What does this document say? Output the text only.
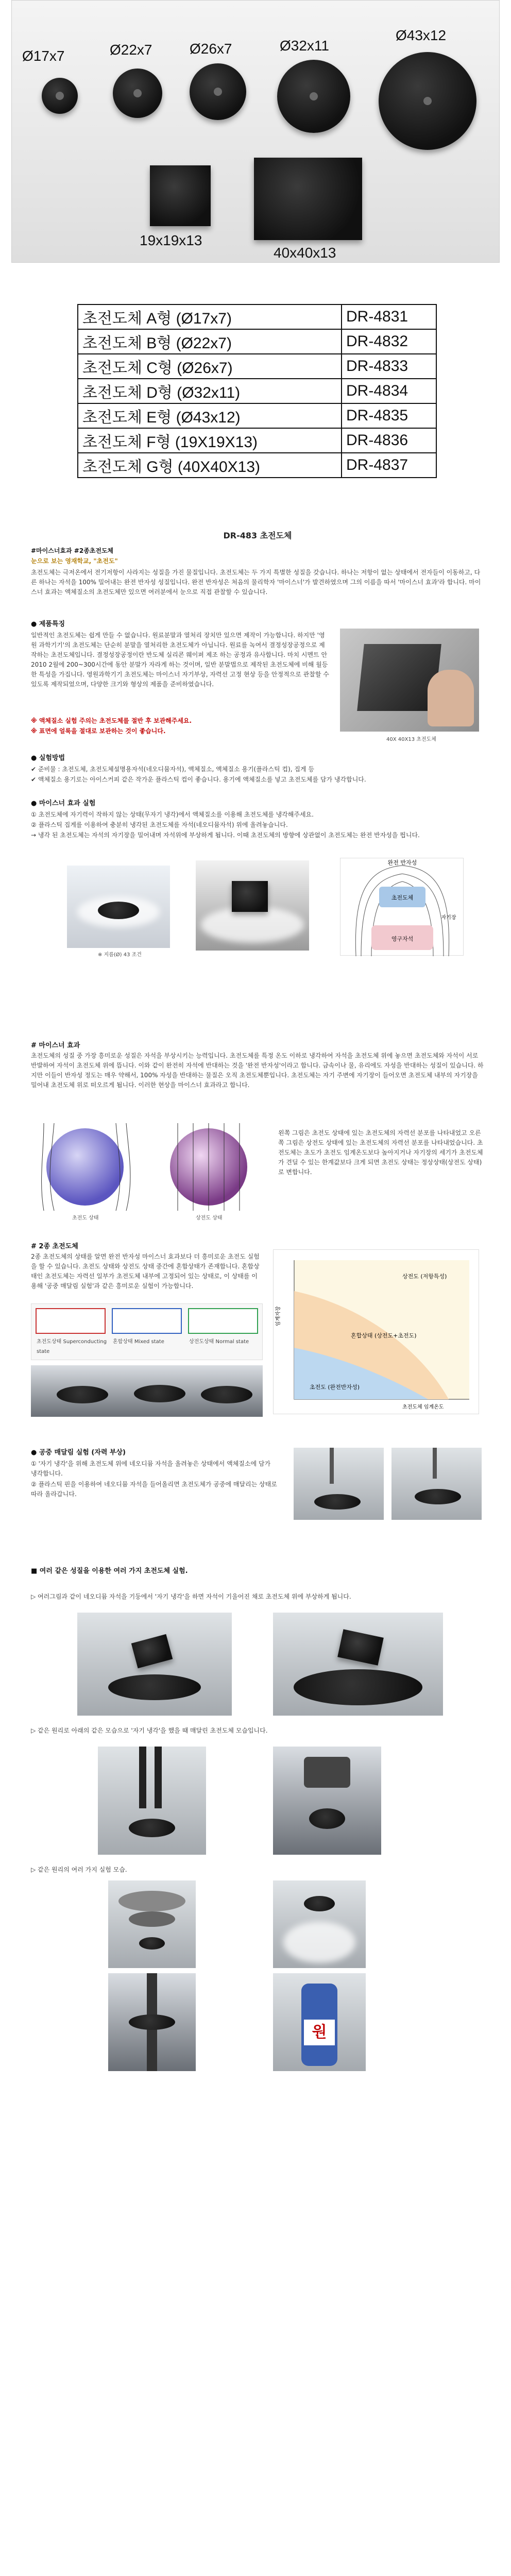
Ø17x7	Ø22x7	Ø26x7	Ø32x11
Ø43x12
19x19x13
40x40x13
초전도체 A형 (Ø17x7)	DR-4831
초전도체 B형 (Ø22x7)	DR-4832
초전도체 C형 (Ø26x7)	DR-4833
초전도체 D형 (Ø32x11)	DR-4834
초전도체 E형 (Ø43x12)	DR-4835
초전도체 F형 (19X19X13)	DR-4836
초전도체 G형 (40X40X13)	DR-4837
DR-483 초전도체
#마이스너효과 #2종초전도체
눈으로 보는 영재학교, "초전도"
초전도체는 극저온에서 전기저항이 사라지는 성질을 가진 물질입니다. 초전도체는 두 가지 특별한 성질을 갖습니다. 하나는 저항이 없는 상태에서 전자들이 이동하고, 다른 하나는 자석을 100% 밀어내는 완전 반자성 성질입니다. 완전 반자성은 처음의 물리학자 '마이스너'가 발견하였으며 그의 이름을 따서 '마이스너 효과'라 합니다. 마이스너 효과는 액체질소의 초전도체만 있으면 여러분에서 눈으로 직접 관찰할 수 있습니다.
● 제품특징
일반적인 초전도체는 쉽게 만들 수 없습니다. 원료분말과 열처리 장치만 있으면 제작이 가능합니다. 하지만 '영원 과학기기'의 초전도체는 단순히 분말을 열처리한 초전도체가 아닙니다. 원료를 녹여서 결정성장공정으로 제작하는 초전도체입니다. 결정성장공정이란 반도체 실리콘 웨이퍼 제조 하는 공정과 유사합니다. 마치 시멘트 안 2010 2월에 200~300시간에 동안 분말가 자라게 하는 것이며, 일반 분말법으로 제작된 초전도체에 비해 월등한 특성을 가집니다. 영원과학기기 초전도체는 마이스너 자기부상, 자력선 고정 현상 등을 안정적으로 관찰할 수 있도록 제작되었으며, 다양한 크기와 형상의 제품을 준비하였습니다.
※ 액체질소 실험 주의는 초전도체를 절반 후 보관해주세요.
※ 표면에 얼룩을 절대로 보관하는 것이 좋습니다.
40X 40X13 초전도체
● 실험방법
✔ 준비물 : 초전도체, 초전도체설명용자석(네오디뮴자석), 액체질소, 액체질소 용기(플라스틱 컵), 집게 등
✔ 액체질소 용기로는 아이스커피 같은 작가운 플라스틱 컵이 좋습니다. 용기에 액체질소를 넣고 초전도체를 담가 냉각합니다.
● 마이스너 효과 실험
① 초전도체에 자기력이 작하지 않는 상태(무자기 냉각)에서 액체질소를 이용해 초전도체를 냉각해주세요.
② 플라스틱 집게를 이용하여 충분히 냉각된 초전도체를 자석(네오디뮴자석) 위에 올려놓습니다.
→ 냉각 된 초전도체는 자석의 자기장을 밀어내며 자석위에 부상하게 됩니다. 이때 초전도체의 방향에 상관없이 초전도체는 완전 반자성을 띕니다.
※ 지름(Ø) 43 조건
완전 반자성
초전도체
자기장
영구자석
# 마이스너 효과
초전도체의 성질 중 가장 흥미로운 성질은 자석을 부상시키는 능력입니다. 초전도체를 특정 온도 이하로 냉각하여 자석을 초전도체 위에 놓으면 초전도체와 자석이 서로 반발하여 자석이 초전도체 위에 뜹니다. 이와 같이 완전히 자석에 반대하는 것을 '완전 반자성'이라고 합니다. 금속이나 물, 유리에도 자성을 반대하는 성질이 있습니다. 하지만 이들이 반자성 정도는 매우 약해서, 100% 자성을 반대하는 물질은 오직 초전도체뿐입니다. 초전도체는 자기 주변에 자기장이 들어오면 초전도체 내부의 자기장을 밀어내 초전도체 위로 떠오르게 됩니다. 이러한 현상을 마이스너 효과라고 합니다.
초전도 상태	상전도 상태
왼쪽 그림은 초전도 상태에 있는 초전도체의 자력선 분포를 나타내었고 오른쪽 그림은 상전도 상태에 있는 초전도체의 자력선 분포를 나타내었습니다. 초전도체는 초도가 초전도 임계온도보다 높아지거나 자기장의 세기가 초전도체가 견딜 수 있는 한계값보다 크게 되면 초전도 상태는 정상상태(상전도 상태)로 변합니다.
# 2종 초전도체
2종 초전도체의 상태를 알면 완전 반자성 마이스너 효과보다 더 흥미로운 초전도 실험을 할 수 있습니다. 초전도 상태와 상전도 상태 중간에 혼합상태가 존재합니다. 혼합상태인 초전도체는 자력선 일부가 초전도체 내부에 고정되어 있는 상태로, 이 상태를 이용해 '공중 매달림 실험'과 같은 흥미로운 실험이 가능합니다.
초전도상태 Superconducting state
혼합상태 Mixed state	상전도상태 Normal state
상전도 (저항특성)
초전도 (완전반자성)
혼합상태 (상전도+초전도)
초전도체 임계온도
임계자장
● 공중 매달림 실험 (자력 부상)
① '자기 냉각'을 위해 초전도체 위에 네오디뮴 자석을 올려놓은 상태에서 액체질소에 담가 냉각합니다.
② 플라스틱 핀을 이용하여 네오디뮴 자석을 들어올리면 초전도체가 공중에 매달리는 상태로 따라 올라갑니다.
■ 여러 같은 성질을 이용한 여러 가지 초전도체 실험.
▷ 여러그림과 같이 네오디뮴 자석을 기둥에서 '자기 냉각'을 하면 자석이 기울어진 채로 초전도체 위에 부상하게 됩니다.
▷ 같은 원리로 아래의 같은 모습으로 '자기 냉각'을 했을 때 매달린 초전도체 모습입니다.
▷ 같은 원리의 여러 가지 실험 모습.
원
